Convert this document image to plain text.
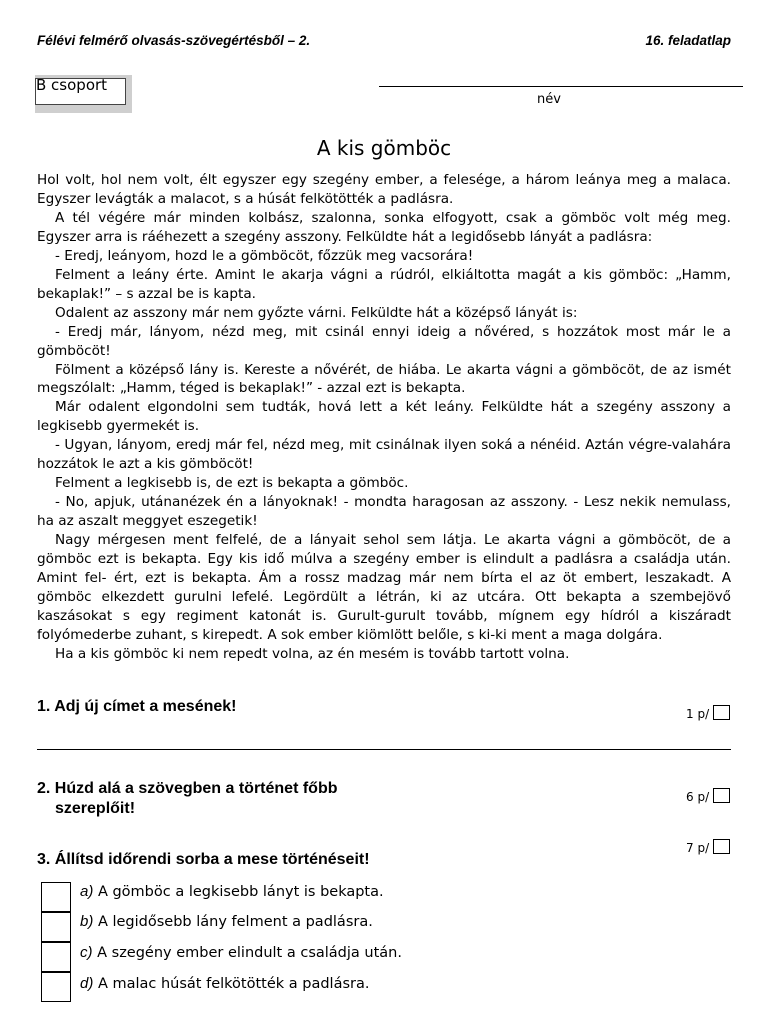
Félévi felmérő olvasás-szövegértésből – 2.	16. feladatlap
B csoport
név
A kis gömböc

Hol volt, hol nem volt, élt egyszer egy szegény ember, a felesége, a három leánya meg a malaca. Egyszer levágták a malacot, s a húsát felkötötték a padlásra.

A tél végére már minden kolbász, szalonna, sonka elfogyott, csak a gömböc volt még meg. Egyszer arra is ráéhezett a szegény asszony. Felküldte hát a legidősebb lányát a padlásra:

- Eredj, leányom, hozd le a gömböcöt, főzzük meg vacsorára!

Felment a leány érte. Amint le akarja vágni a rúdról, elkiáltotta magát a kis gömböc: „Hamm, bekaplak!” – s azzal be is kapta.

Odalent az asszony már nem győzte várni. Felküldte hát a középső lányát is:

- Eredj már, lányom, nézd meg, mit csinál ennyi ideig a nővéred, s hozzátok most már le a gömböcöt!

Fölment a középső lány is. Kereste a nővérét, de hiába. Le akarta vágni a gömböcöt, de az ismét megszólalt: „Hamm, téged is bekaplak!” - azzal ezt is bekapta.

Már odalent elgondolni sem tudták, hová lett a két leány. Felküldte hát a szegény asszony a legkisebb gyermekét is.

- Ugyan, lányom, eredj már fel, nézd meg, mit csinálnak ilyen soká a nénéid. Aztán végre-valahára hozzátok le azt a kis gömböcöt!

Felment a legkisebb is, de ezt is bekapta a gömböc.

- No, apjuk, utánanézek én a lányoknak! - mondta haragosan az asszony. - Lesz nekik nemulass, ha az aszalt meggyet eszegetik!

Nagy mérgesen ment felfelé, de a lányait sehol sem látja. Le akarta vágni a gömböcöt, de a gömböc ezt is bekapta. Egy kis idő múlva a szegény ember is elindult a padlásra a családja után. Amint fel- ért, ezt is bekapta. Ám a rossz madzag már nem bírta el az öt embert, leszakadt. A gömböc elkezdett gurulni lefelé. Legördült a létrán, ki az utcára. Ott bekapta a szembejövő kaszásokat s egy regiment katonát is. Gurult-gurult tovább, mígnem egy hídról a kiszáradt folyómederbe zuhant, s kirepedt. A sok ember kiömlött belőle, s ki-ki ment a maga dolgára.

Ha a kis gömböc ki nem repedt volna, az én mesém is tovább tartott volna.

1. Adj új címet a mesének!	1 p/
2. Húzd alá a szövegben a történet főbb
szereplőit!
6 p/
7 p/
3. Állítsd időrendi sorba a mese történéseit!
a) A gömböc a legkisebb lányt is bekapta.
b) A legidősebb lány felment a padlásra.
c) A szegény ember elindult a családja után.
d) A malac húsát felkötötték a padlásra.
